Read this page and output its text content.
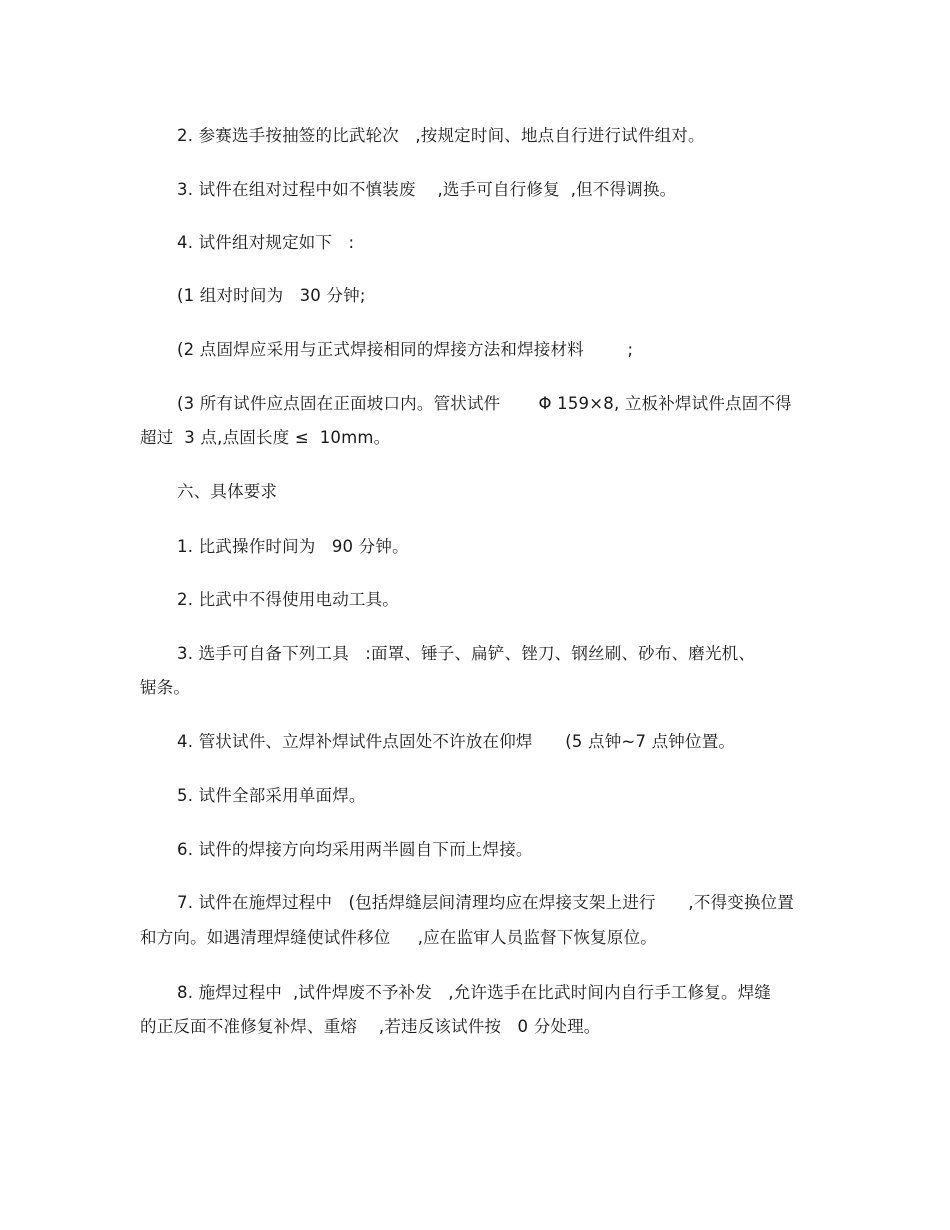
2. 参赛选手按抽签的比武轮次   ,按规定时间、地点自行进行试件组对。
3. 试件在组对过程中如不慎装废    ,选手可自行修复  ,但不得调换。
4. 试件组对规定如下   :
(1 组对时间为   30 分钟;
(2 点固焊应采用与正式焊接相同的焊接方法和焊接材料        ;
(3 所有试件应点固在正面坡口内。管状试件       Φ 159×8, 立板补焊试件点固不得
超过  3 点,点固长度 ≤  10mm。
六、具体要求
1. 比武操作时间为   90 分钟。
2. 比武中不得使用电动工具。
3. 选手可自备下列工具   :面罩、锤子、扁铲、锉刀、钢丝刷、砂布、磨光机、
锯条。
4. 管状试件、立焊补焊试件点固处不许放在仰焊      (5 点钟~7 点钟位置。
5. 试件全部采用单面焊。
6. 试件的焊接方向均采用两半圆自下而上焊接。
7. 试件在施焊过程中   (包括焊缝层间清理均应在焊接支架上进行      ,不得变换位置
和方向。如遇清理焊缝使试件移位     ,应在监审人员监督下恢复原位。
8. 施焊过程中  ,试件焊废不予补发   ,允许选手在比武时间内自行手工修复。焊缝
的正反面不准修复补焊、重熔    ,若违反该试件按   0 分处理。
